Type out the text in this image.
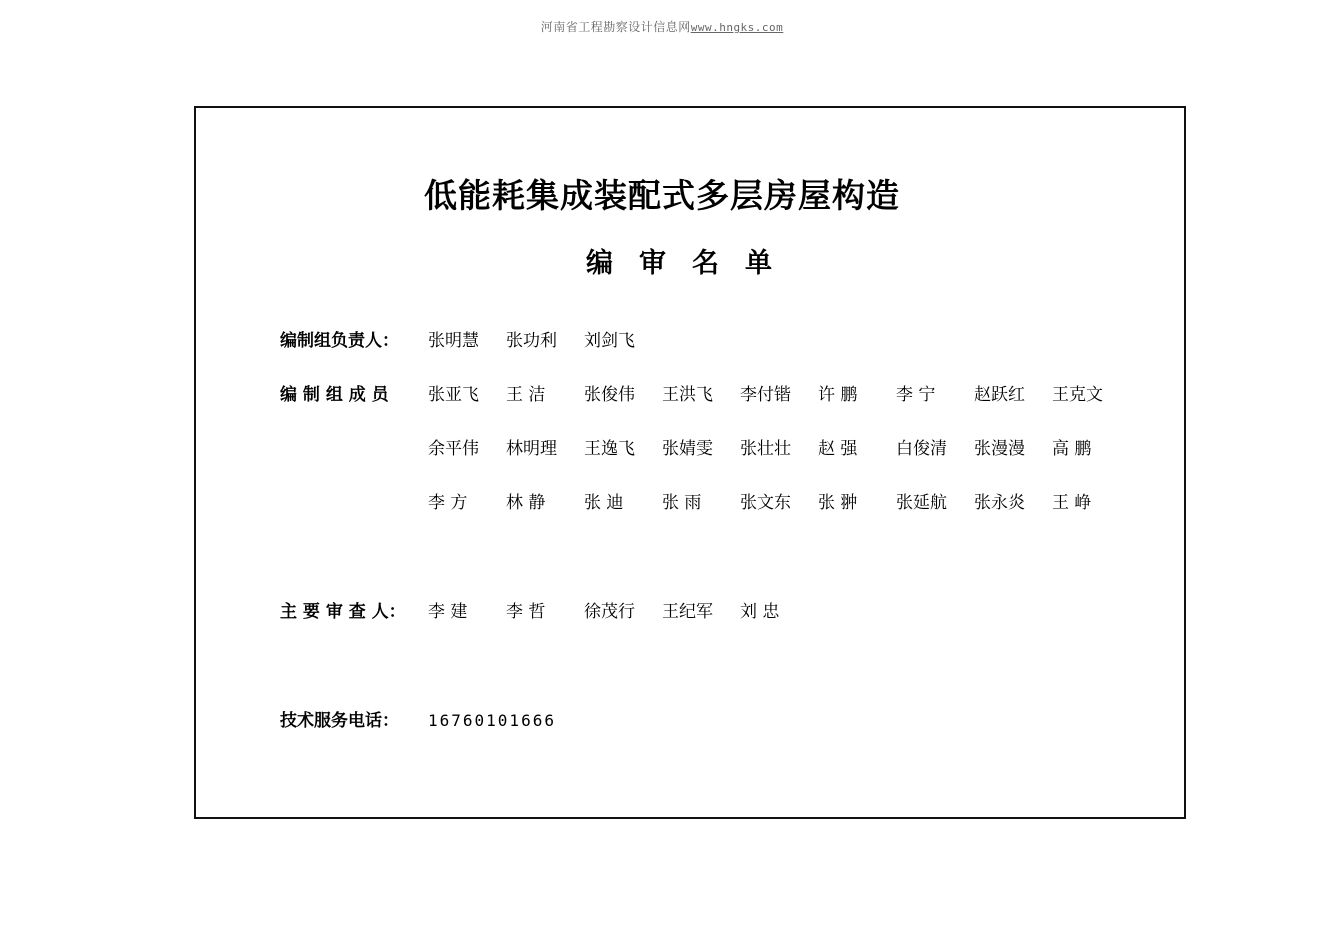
河南省工程勘察设计信息网www.hngks.com
低能耗集成装配式多层房屋构造
编审名单
编制组负责人：	张明慧	张功利	刘剑飞
编 制 组 成 员	张亚飞	王 洁	张俊伟	王洪飞	李付锴	许 鹏	李 宁	赵跃红	王克文
余平伟	林明理	王逸飞	张婧雯	张壮壮	赵 强	白俊清	张漫漫	高 鹏
李 方	林 静	张 迪	张 雨	张文东	张 翀	张延航	张永炎	王 峥
主 要 审 查 人：	李 建	李 哲	徐茂行	王纪军	刘 忠
技术服务电话：	16760101666
